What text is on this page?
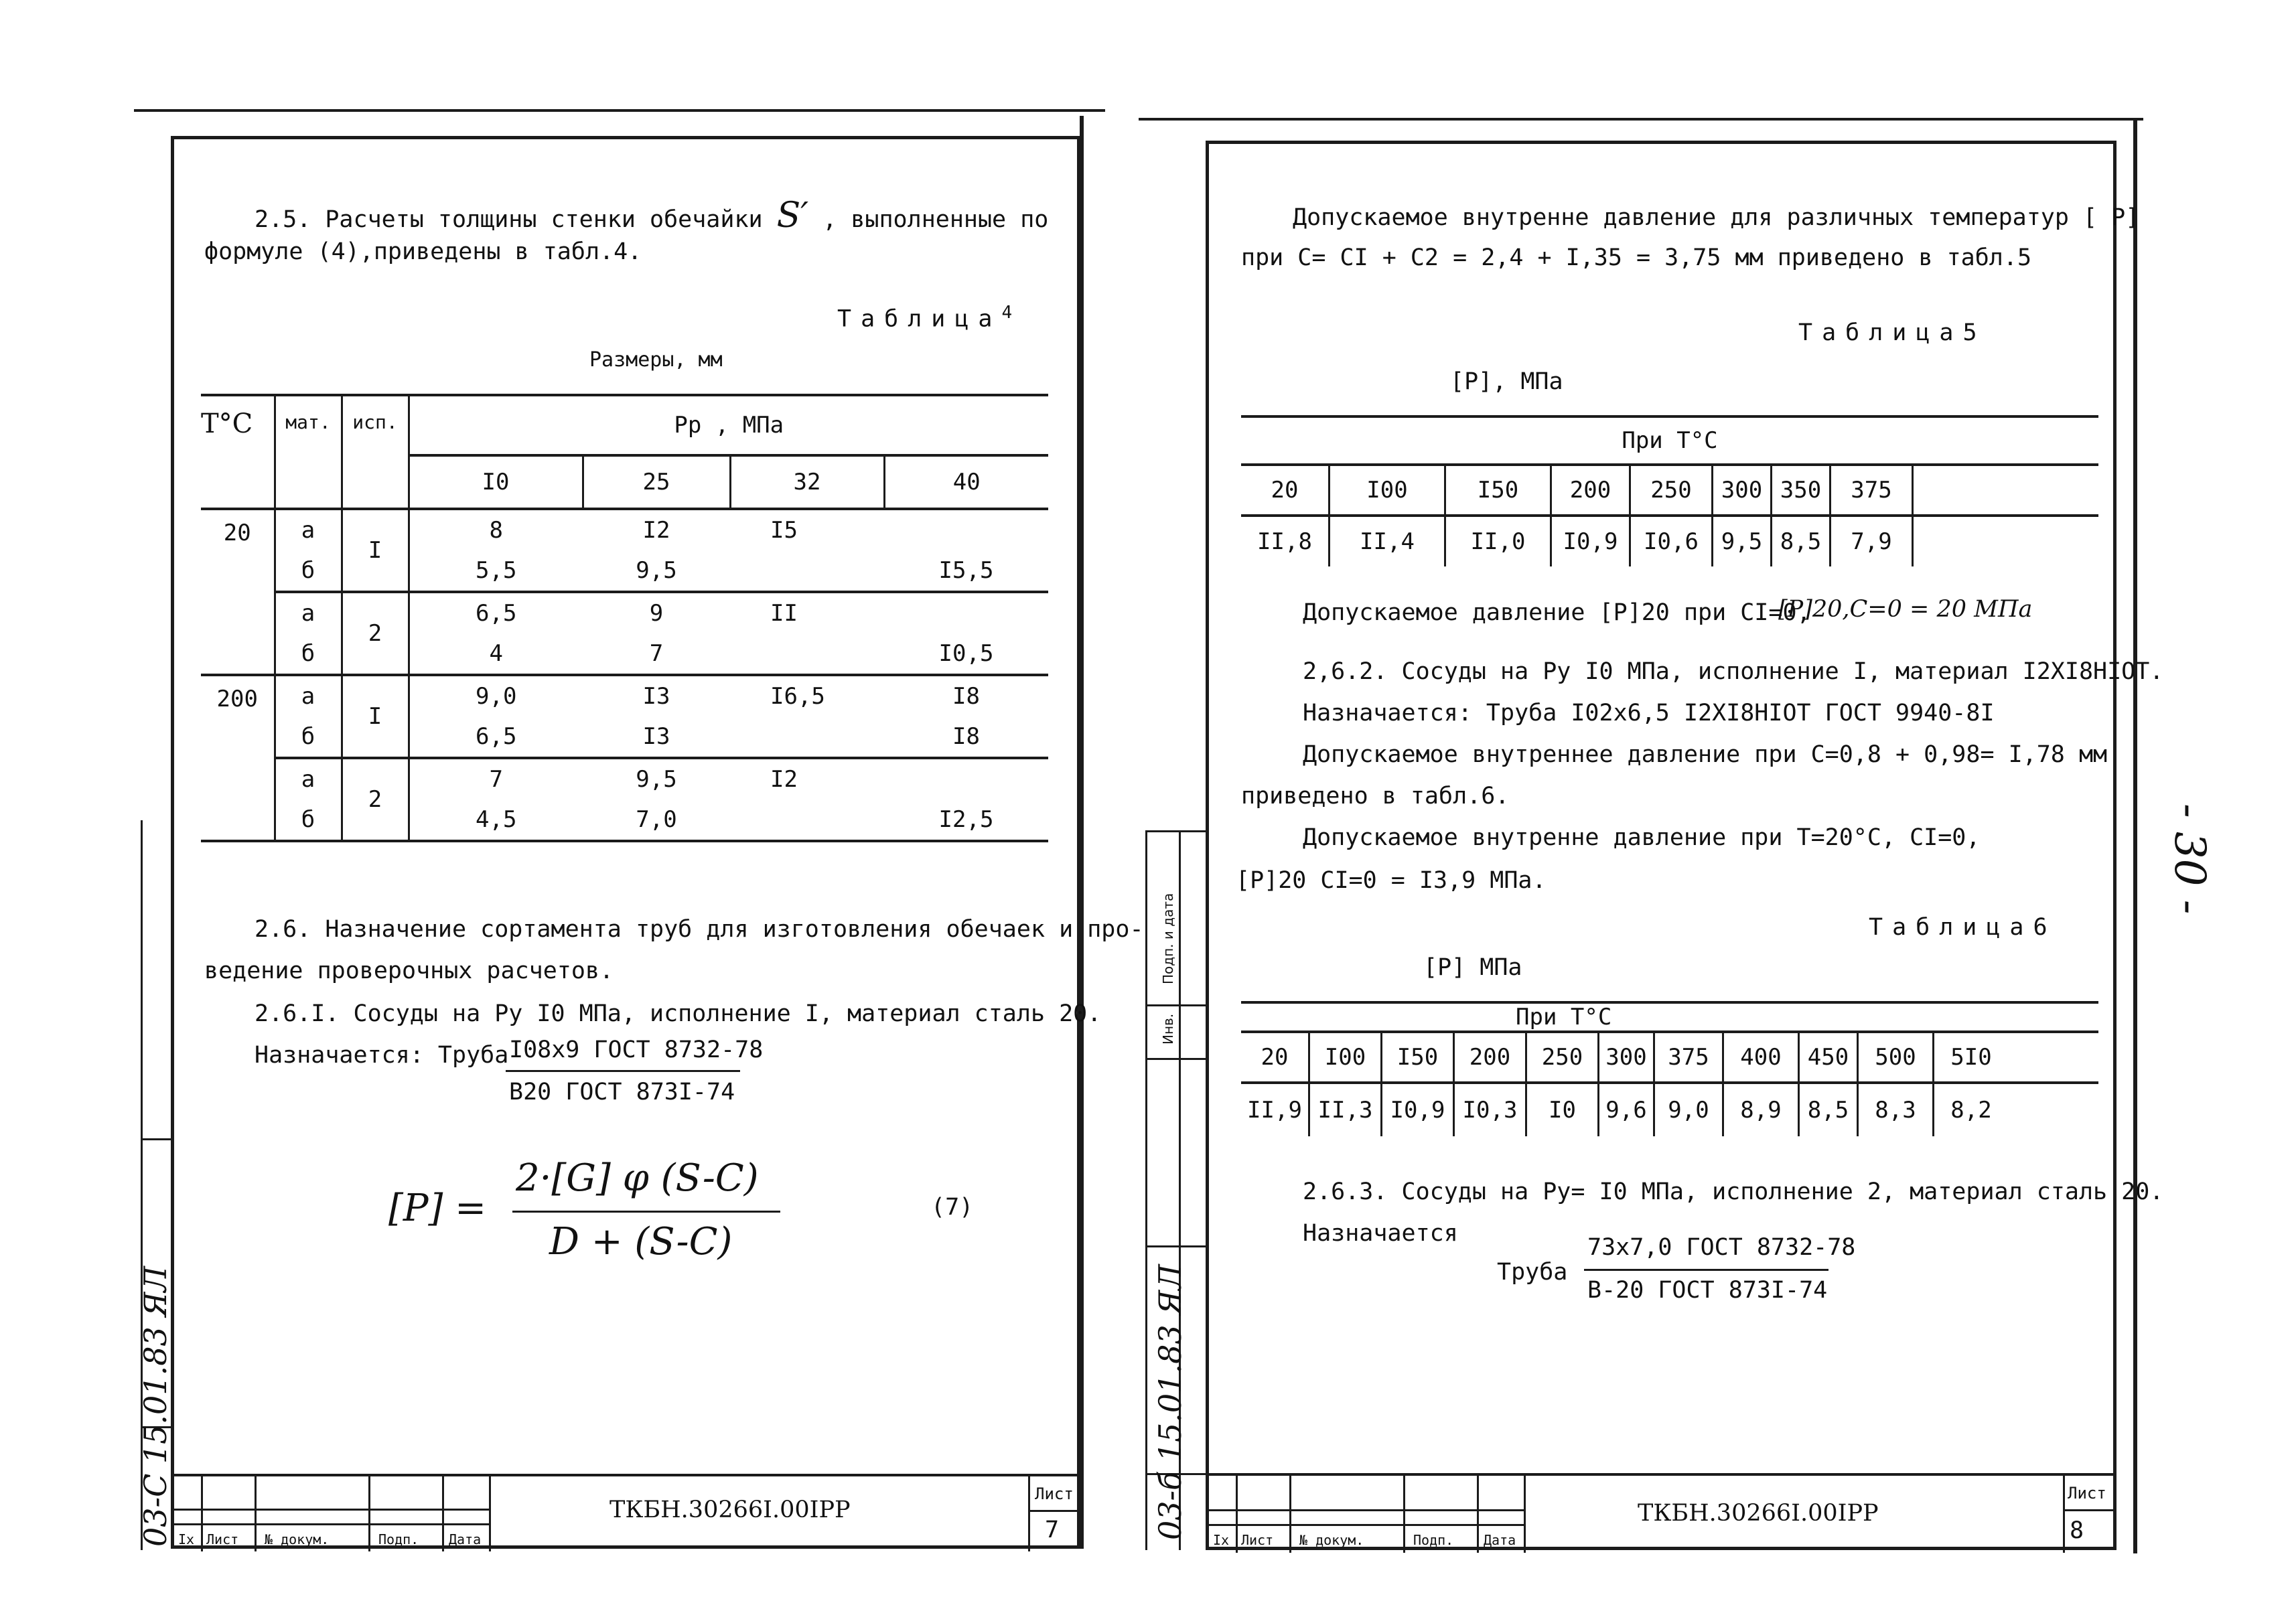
2.5. Расчеты толщины стенки обечайки S′ , выполненные по
формуле (4),приведены в табл.4.
Таблица$^4$
Размеры, мм
T°C	мат.	исп.	Pp , МПа			
			I0	25	32	40
20	а	I	8	I2	I5	
	б		5,5	9,5		I5,5
	а	2	6,5	9	II	
	б		4	7		I0,5
200	а	I	9,0	I3	I6,5	I8
	б		6,5	I3		I8
	а	2	7	9,5	I2	
	б		4,5	7,0		I2,5
2.6. Назначение сортамента труб для изготовления обечаек и про-
ведение проверочных расчетов.
2.6.I. Сосуды на Pу I0 МПа, исполнение I, материал сталь 20.
Назначается: Труба I08x9 ГОСТ 8732-78
B20 ГОСТ 873I-74
[P] =
2·[G] φ (S-C)
D + (S-C)
(7)
Iх Лист № докум.	Подп. Дата
ТКБН.30266I.00IPP
Лист
7
03-С 15.01.83 ЯЛ
Допускаемое внутренне давление для различных температур [ P]
при C= CI + C2 = 2,4 + I,35 = 3,75 мм приведено в табл.5
Таблица5
[P], МПа
При T°C								
20	I00	I50	200	250	300	350	375	
II,8	II,4	II,0	I0,9	I0,6	9,5	8,5	7,9	
Допускаемое давление [P]20 при CI=0,
[P]20,C=0 = 20 МПа
2,6.2. Сосуды на Pу I0 МПа, исполнение I, материал I2XI8HIOT.
Назначается: Труба I02x6,5 I2XI8HIOT ГОСТ 9940-8I
Допускаемое внутреннее давление при C=0,8 + 0,98= I,78 мм
приведено в табл.6.
Допускаемое внутренне давление при T=20°C, CI=0,
[P]20 CI=0 = I3,9 МПа.
Таблица6
[P] МПа
При T°C											
20	I00	I50	200	250	300	375	400	450	500	5I0	
II,9	II,3	I0,9	I0,3	I0	9,6	9,0	8,9	8,5	8,3	8,2	
2.6.3. Сосуды на Pу= I0 МПа, исполнение 2, материал сталь 20.
Назначается
Труба
73x7,0 ГОСТ 8732-78
B-20 ГОСТ 873I-74
Iх Лист № докум.	Подп. Дата
ТКБН.30266I.00IPP
Лист
8
Подп. и дата
Инв.
03-б 15.01.83 ЯЛ
- 30 -
